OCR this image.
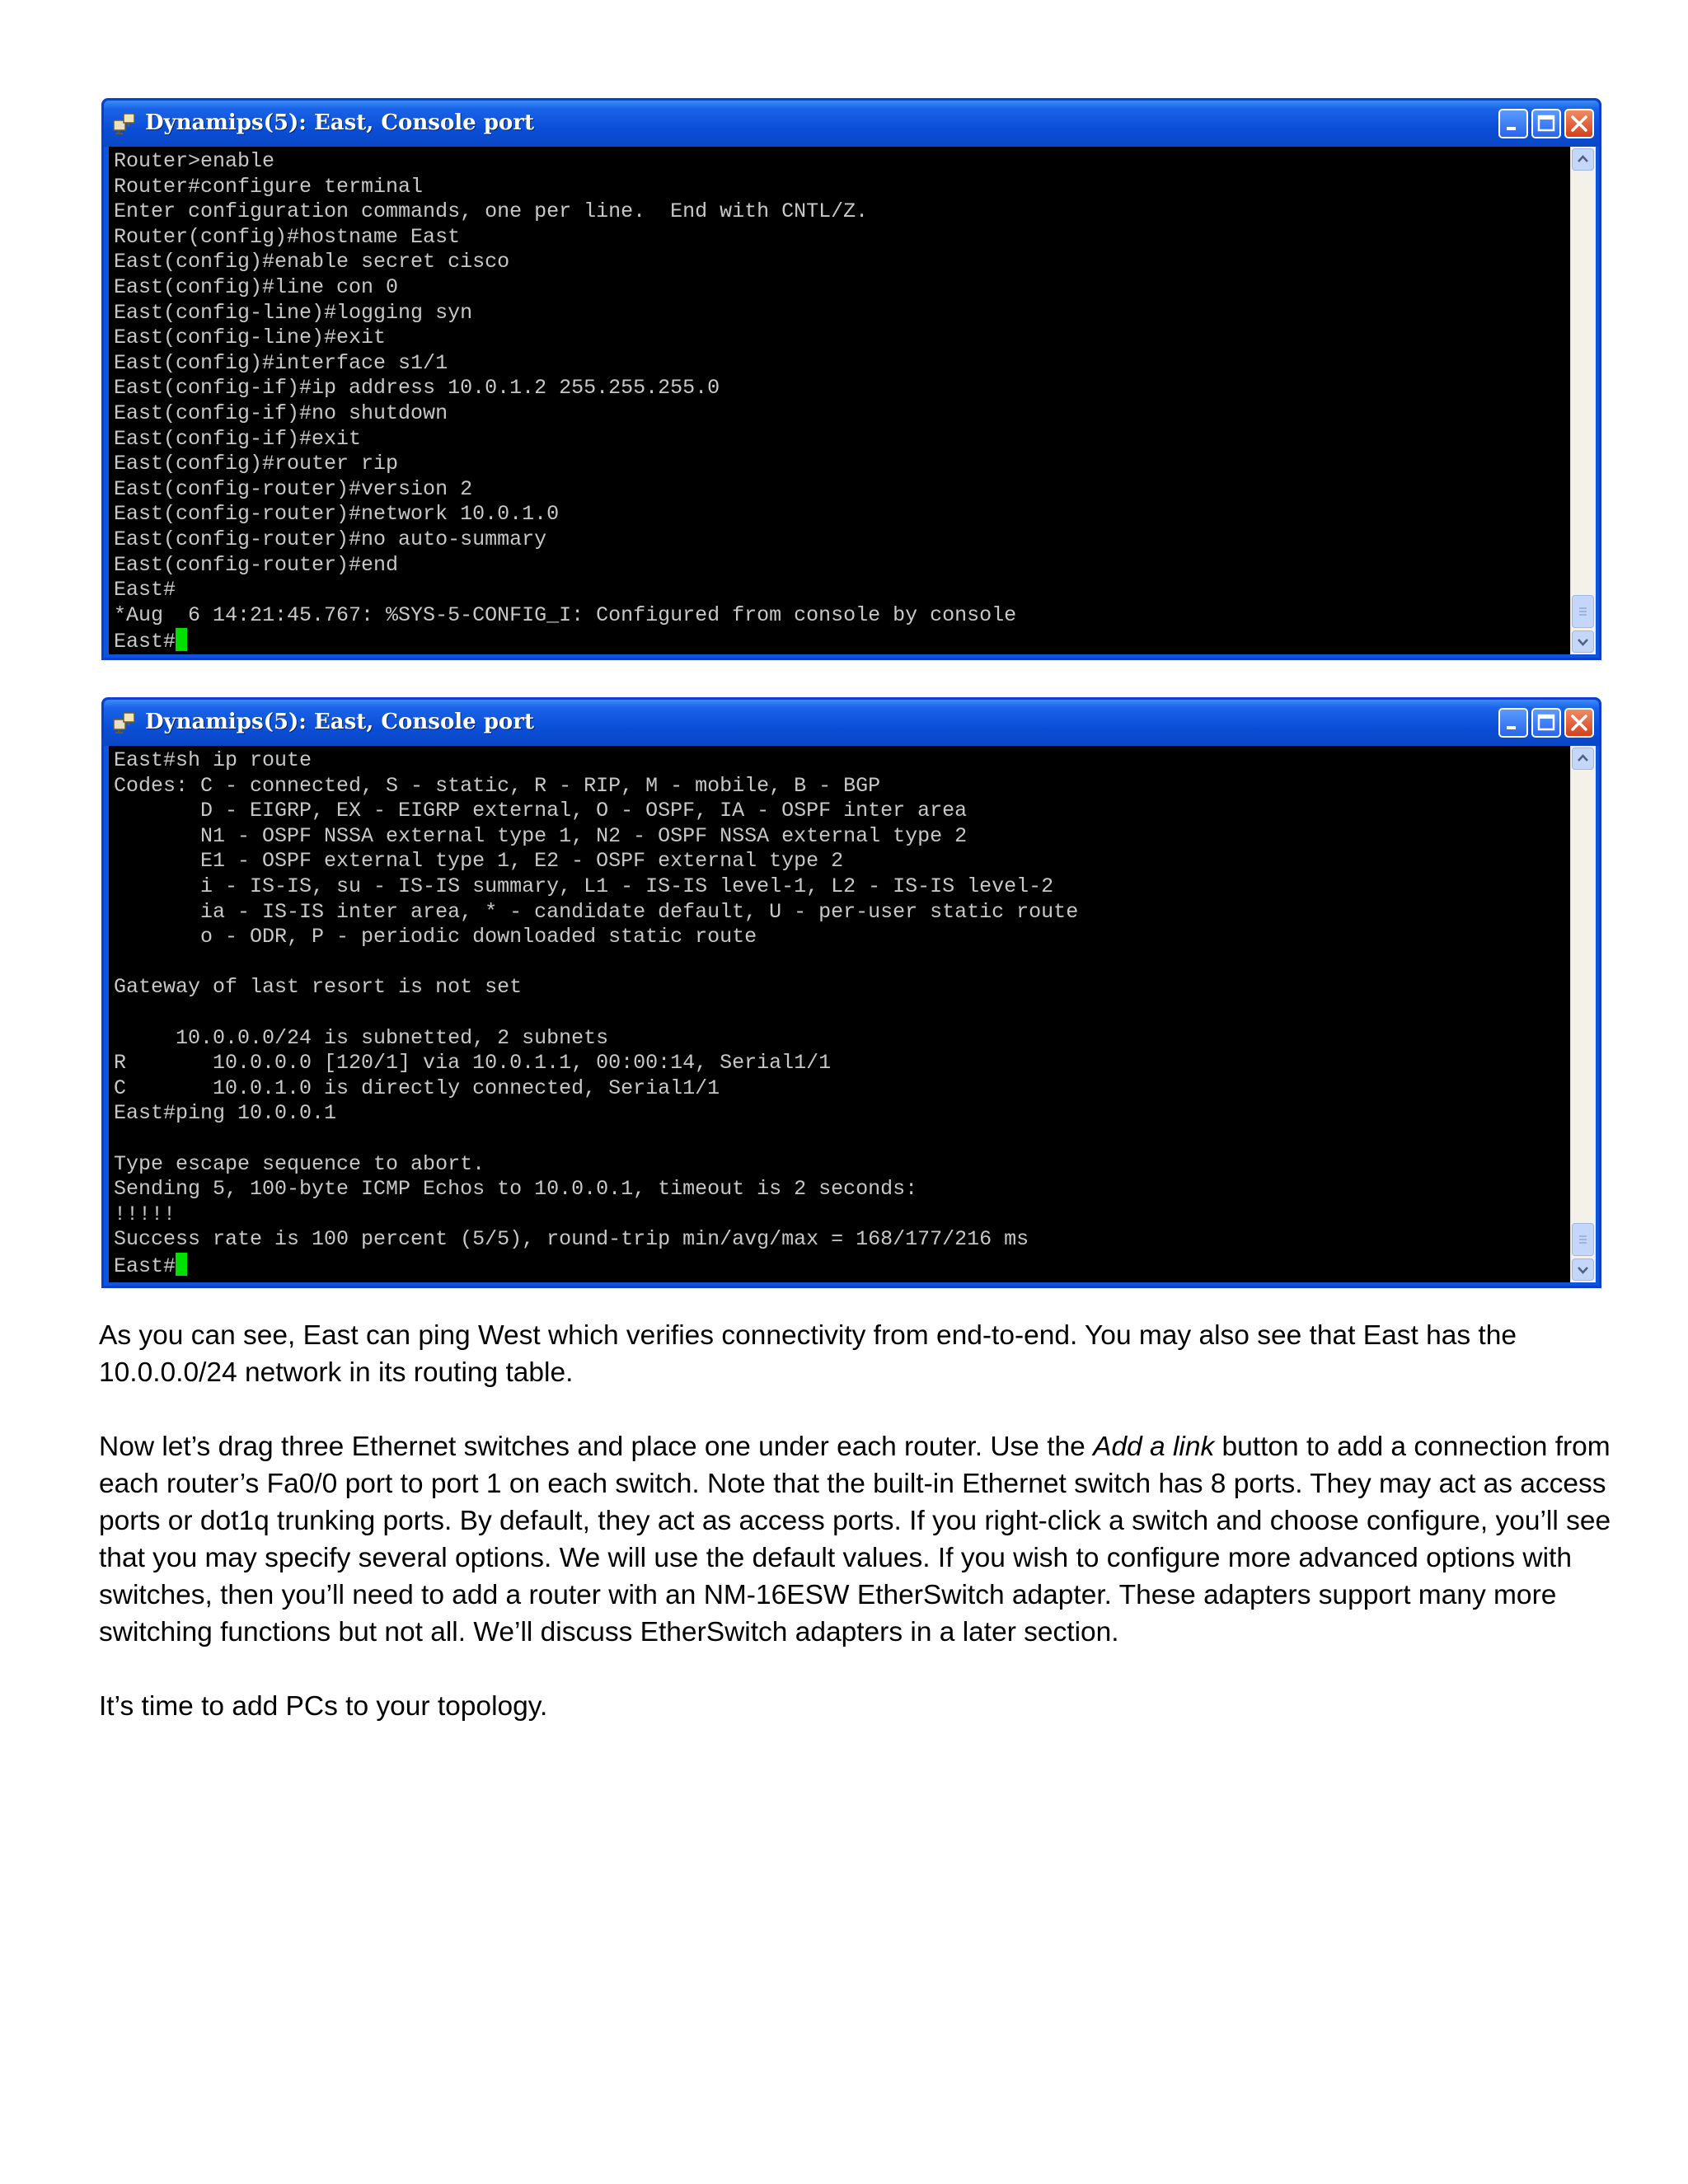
Dynamips(5): East, Console port
Router>enable
Router#configure terminal
Enter configuration commands, one per line.  End with CNTL/Z.
Router(config)#hostname East
East(config)#enable secret cisco
East(config)#line con 0
East(config-line)#logging syn
East(config-line)#exit
East(config)#interface s1/1
East(config-if)#ip address 10.0.1.2 255.255.255.0
East(config-if)#no shutdown
East(config-if)#exit
East(config)#router rip
East(config-router)#version 2
East(config-router)#network 10.0.1.0
East(config-router)#no auto-summary
East(config-router)#end
East#
*Aug  6 14:21:45.767: %SYS-5-CONFIG_I: Configured from console by console
East#
Dynamips(5): East, Console port
East#sh ip route
Codes: C - connected, S - static, R - RIP, M - mobile, B - BGP
D - EIGRP, EX - EIGRP external, O - OSPF, IA - OSPF inter area
N1 - OSPF NSSA external type 1, N2 - OSPF NSSA external type 2
E1 - OSPF external type 1, E2 - OSPF external type 2
i - IS-IS, su - IS-IS summary, L1 - IS-IS level-1, L2 - IS-IS level-2
ia - IS-IS inter area, * - candidate default, U - per-user static route
o - ODR, P - periodic downloaded static route

Gateway of last resort is not set

10.0.0.0/24 is subnetted, 2 subnets
R       10.0.0.0 [120/1] via 10.0.1.1, 00:00:14, Serial1/1
C       10.0.1.0 is directly connected, Serial1/1
East#ping 10.0.0.1

Type escape sequence to abort.
Sending 5, 100-byte ICMP Echos to 10.0.0.1, timeout is 2 seconds:
!!!!!
Success rate is 100 percent (5/5), round-trip min/avg/max = 168/177/216 ms
East#

As you can see, East can ping West which verifies connectivity from end-to-end. You may also see that East has the 10.0.0.0/24 network in its routing table.

Now let’s drag three Ethernet switches and place one under each router. Use the Add a link button to add a connection from each router’s Fa0/0 port to port 1 on each switch. Note that the built-in Ethernet switch has 8 ports. They may act as access ports or dot1q trunking ports. By default, they act as access ports. If you right-click a switch and choose configure, you’ll see that you may specify several options. We will use the default values. If you wish to configure more advanced options with switches, then you’ll need to add a router with an NM-16ESW EtherSwitch adapter. These adapters support many more switching functions but not all. We’ll discuss EtherSwitch adapters in a later section.

It’s time to add PCs to your topology.
